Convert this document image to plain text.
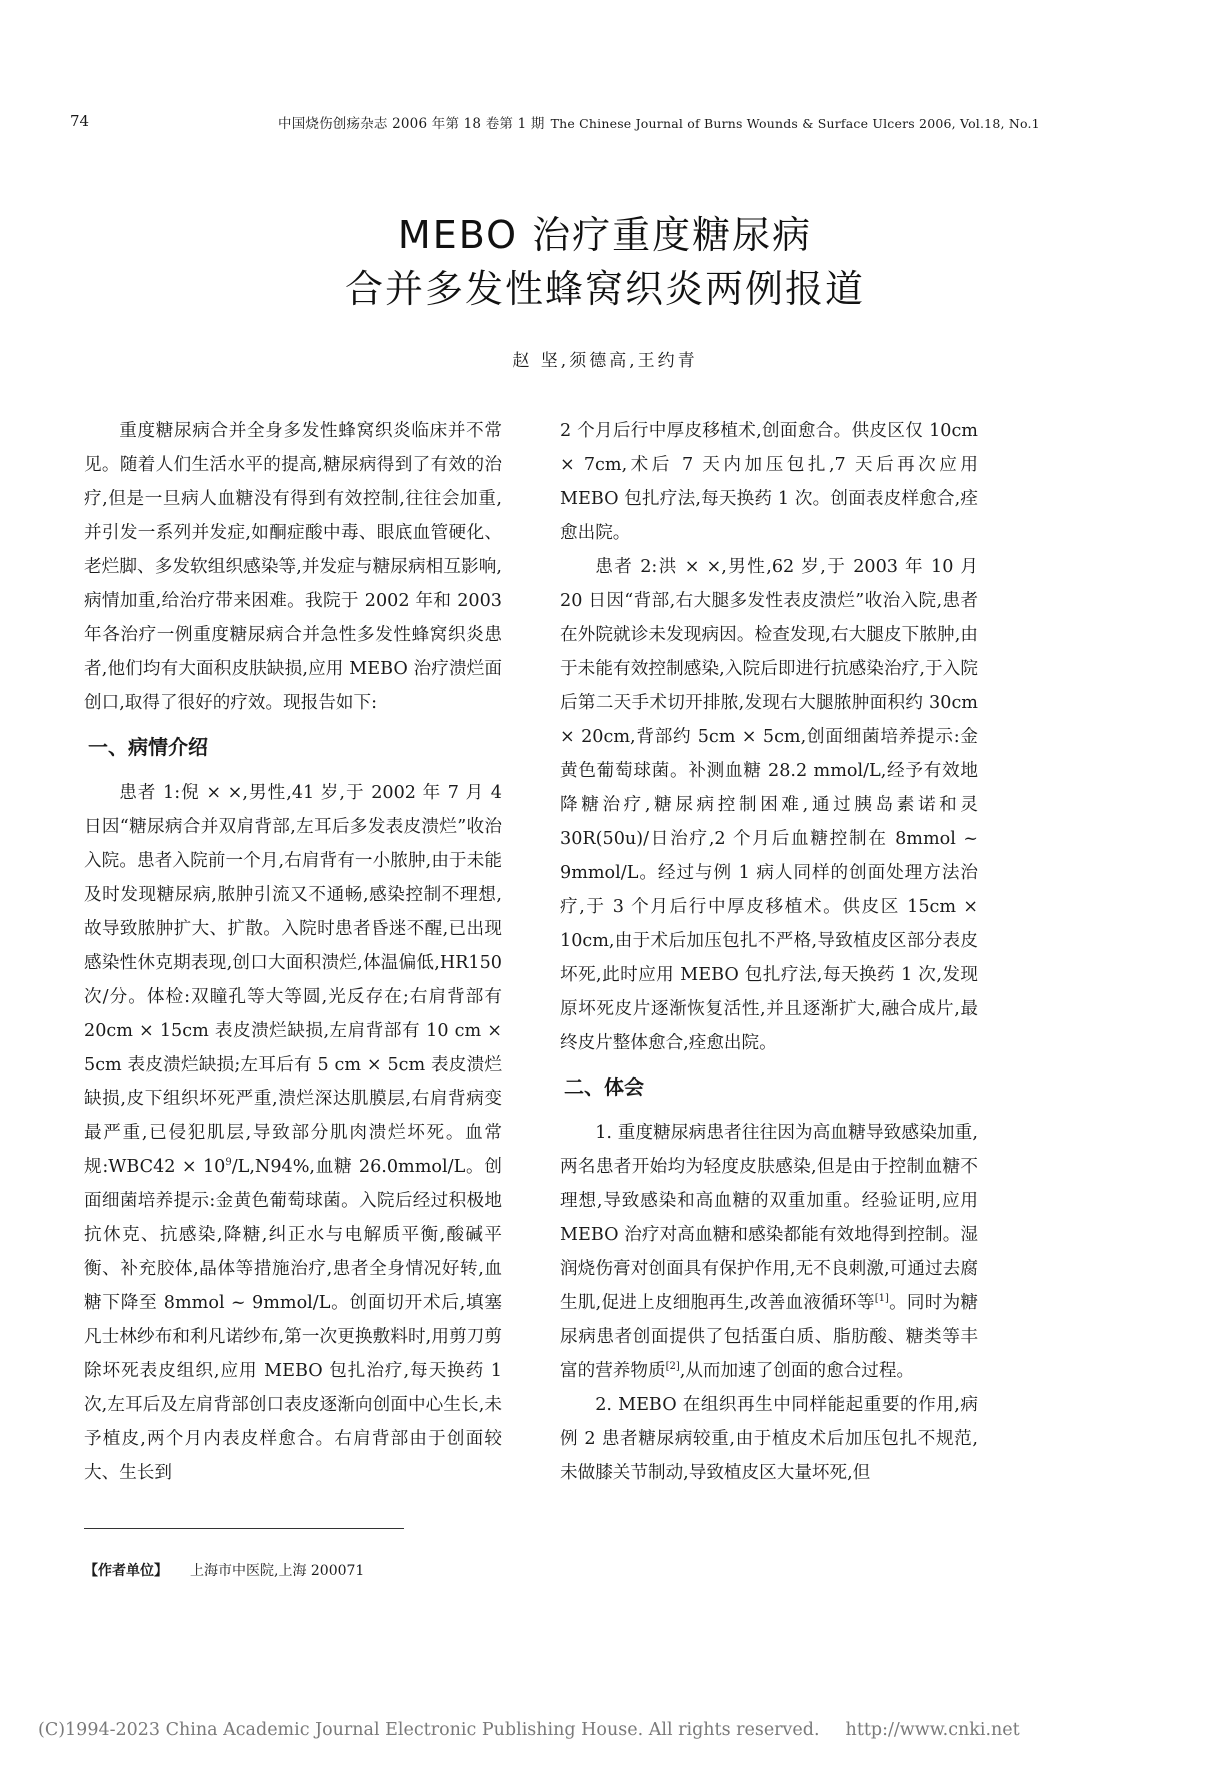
74	中国烧伤创疡杂志 2006 年第 18 卷第 1 期 The Chinese Journal of Burns Wounds & Surface Ulcers 2006, Vol.18, No.1
MEBO 治疗重度糖尿病
合并多发性蜂窝织炎两例报道
赵 坚,须德高,王约青

重度糖尿病合并全身多发性蜂窝织炎临床并不常见。随着人们生活水平的提高,糖尿病得到了有效的治疗,但是一旦病人血糖没有得到有效控制,往往会加重,并引发一系列并发症,如酮症酸中毒、眼底血管硬化、老烂脚、多发软组织感染等,并发症与糖尿病相互影响,病情加重,给治疗带来困难。我院于 2002 年和 2003 年各治疗一例重度糖尿病合并急性多发性蜂窝织炎患者,他们均有大面积皮肤缺损,应用 MEBO 治疗溃烂面创口,取得了很好的疗效。现报告如下:

一、病情介绍

患者 1:倪 × ×,男性,41 岁,于 2002 年 7 月 4 日因“糖尿病合并双肩背部,左耳后多发表皮溃烂”收治入院。患者入院前一个月,右肩背有一小脓肿,由于未能及时发现糖尿病,脓肿引流又不通畅,感染控制不理想,故导致脓肿扩大、扩散。入院时患者昏迷不醒,已出现感染性休克期表现,创口大面积溃烂,体温偏低,HR150 次/分。体检:双瞳孔等大等圆,光反存在;右肩背部有 20cm × 15cm 表皮溃烂缺损,左肩背部有 10 cm × 5cm 表皮溃烂缺损;左耳后有 5 cm × 5cm 表皮溃烂缺损,皮下组织坏死严重,溃烂深达肌膜层,右肩背病变最严重,已侵犯肌层,导致部分肌肉溃烂坏死。血常规:WBC42 × $10^9/L,N94\%$,血糖 26.0mmol/L。创面细菌培养提示:金黄色葡萄球菌。入院后经过积极地抗休克、抗感染,降糖,纠正水与电解质平衡,酸碱平衡、补充胶体,晶体等措施治疗,患者全身情况好转,血糖下降至 8mmol ~ 9mmol/L。创面切开术后,填塞凡士林纱布和利凡诺纱布,第一次更换敷料时,用剪刀剪除坏死表皮组织,应用 MEBO 包扎治疗,每天换药 1 次,左耳后及左肩背部创口表皮逐渐向创面中心生长,未予植皮,两个月内表皮样愈合。右肩背部由于创面较大、生长到

2 个月后行中厚皮移植术,创面愈合。供皮区仅 10cm × 7cm,术后 7 天内加压包扎,7 天后再次应用 MEBO 包扎疗法,每天换药 1 次。创面表皮样愈合,痊愈出院。

患者 2:洪 × ×,男性,62 岁,于 2003 年 10 月 20 日因“背部,右大腿多发性表皮溃烂”收治入院,患者在外院就诊未发现病因。检查发现,右大腿皮下脓肿,由于未能有效控制感染,入院后即进行抗感染治疗,于入院后第二天手术切开排脓,发现右大腿脓肿面积约 30cm × 20cm,背部约 5cm × 5cm,创面细菌培养提示:金黄色葡萄球菌。补测血糖 28.2 mmol/L,经予有效地降糖治疗,糖尿病控制困难,通过胰岛素诺和灵 30R(50u)/日治疗,2 个月后血糖控制在 8mmol ~ 9mmol/L。经过与例 1 病人同样的创面处理方法治疗,于 3 个月后行中厚皮移植术。供皮区 15cm × 10cm,由于术后加压包扎不严格,导致植皮区部分表皮坏死,此时应用 MEBO 包扎疗法,每天换药 1 次,发现原坏死皮片逐渐恢复活性,并且逐渐扩大,融合成片,最终皮片整体愈合,痊愈出院。

二、体会

1. 重度糖尿病患者往往因为高血糖导致感染加重,两名患者开始均为轻度皮肤感染,但是由于控制血糖不理想,导致感染和高血糖的双重加重。经验证明,应用 MEBO 治疗对高血糖和感染都能有效地得到控制。湿润烧伤膏对创面具有保护作用,无不良刺激,可通过去腐生肌,促进上皮细胞再生,改善血液循环等[1]。同时为糖尿病患者创面提供了包括蛋白质、脂肪酸、糖类等丰富的营养物质[2],从而加速了创面的愈合过程。

2. MEBO 在组织再生中同样能起重要的作用,病例 2 患者糖尿病较重,由于植皮术后加压包扎不规范,未做膝关节制动,导致植皮区大量坏死,但

【作者单位】 上海市中医院,上海 200071
(C)1994-2023 China Academic Journal Electronic Publishing House. All rights reserved. http://www.cnki.net
